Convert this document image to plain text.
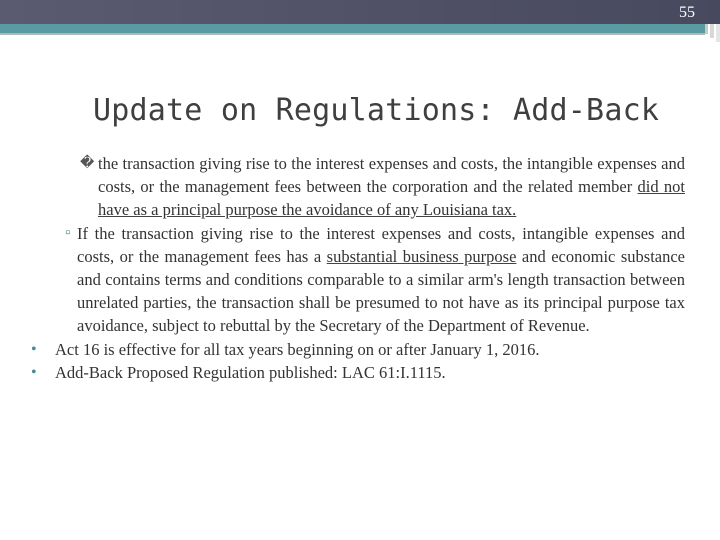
55
Update on Regulations: Add-Back

� the transaction giving rise to the interest expenses and costs, the intangible expenses and costs, or the management fees between the corporation and the related member did not have as a principal purpose the avoidance of any Louisiana tax.

▫ If the transaction giving rise to the interest expenses and costs, intangible expenses and costs, or the management fees has a substantial business purpose and economic substance and contains terms and conditions comparable to a similar arm's length transaction between unrelated parties, the transaction shall be presumed to not have as its principal purpose tax avoidance, subject to rebuttal by the Secretary of the Department of Revenue.

• Act 16 is effective for all tax years beginning on or after January 1, 2016.

• Add-Back Proposed Regulation published: LAC 61:I.1115.
